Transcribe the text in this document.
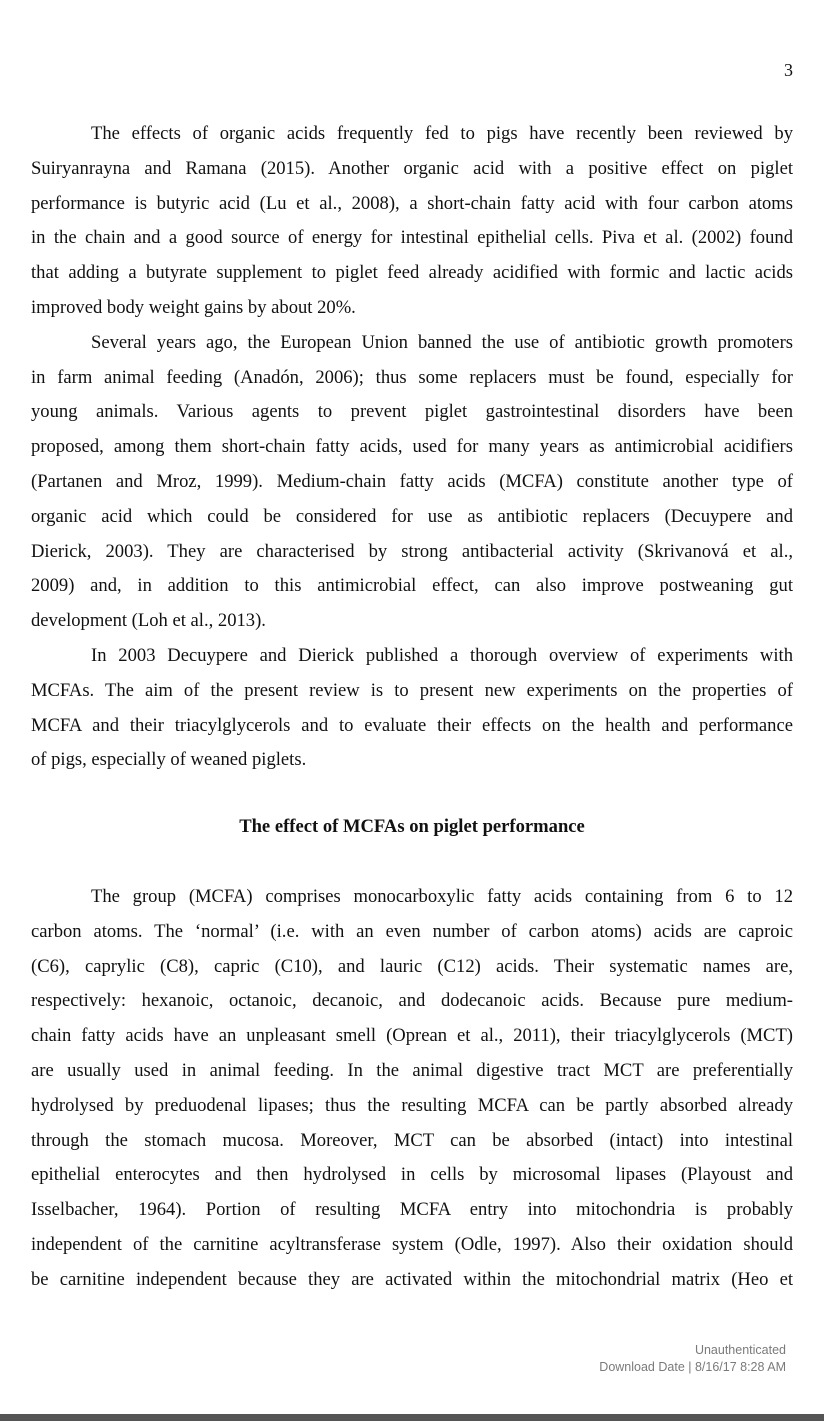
3
The effects of organic acids frequently fed to pigs have recently been reviewed by
Suiryanrayna and Ramana (2015). Another organic acid with a positive effect on piglet
performance is butyric acid (Lu et al., 2008), a short-chain fatty acid with four carbon atoms
in the chain and a good source of energy for intestinal epithelial cells. Piva et al. (2002) found
that adding a butyrate supplement to piglet feed already acidified with formic and lactic acids
improved body weight gains by about 20%.
Several years ago, the European Union banned the use of antibiotic growth promoters
in farm animal feeding (Anadón, 2006); thus some replacers must be found, especially for
young animals. Various agents to prevent piglet gastrointestinal disorders have been
proposed, among them short-chain fatty acids, used for many years as antimicrobial acidifiers
(Partanen and Mroz, 1999). Medium-chain fatty acids (MCFA) constitute another type of
organic acid which could be considered for use as antibiotic replacers (Decuypere and
Dierick, 2003). They are characterised by strong antibacterial activity (Skrivanová et al.,
2009) and, in addition to this antimicrobial effect, can also improve postweaning gut
development (Loh et al., 2013).
In 2003 Decuypere and Dierick published a thorough overview of experiments with
MCFAs. The aim of the present review is to present new experiments on the properties of
MCFA and their triacylglycerols and to evaluate their effects on the health and performance
of pigs, especially of weaned piglets.
The effect of MCFAs on piglet performance
The group (MCFA) comprises monocarboxylic fatty acids containing from 6 to 12
carbon atoms. The ‘normal’ (i.e. with an even number of carbon atoms) acids are caproic
(C6), caprylic (C8), capric (C10), and lauric (C12) acids. Their systematic names are,
respectively: hexanoic, octanoic, decanoic, and dodecanoic acids. Because pure medium-
chain fatty acids have an unpleasant smell (Oprean et al., 2011), their triacylglycerols (MCT)
are usually used in animal feeding. In the animal digestive tract MCT are preferentially
hydrolysed by preduodenal lipases; thus the resulting MCFA can be partly absorbed already
through the stomach mucosa. Moreover, MCT can be absorbed (intact) into intestinal
epithelial enterocytes and then hydrolysed in cells by microsomal lipases (Playoust and
Isselbacher, 1964). Portion of resulting MCFA entry into mitochondria is probably
independent of the carnitine acyltransferase system (Odle, 1997). Also their oxidation should
be carnitine independent because they are activated within the mitochondrial matrix (Heo et
Unauthenticated
Download Date | 8/16/17 8:28 AM
